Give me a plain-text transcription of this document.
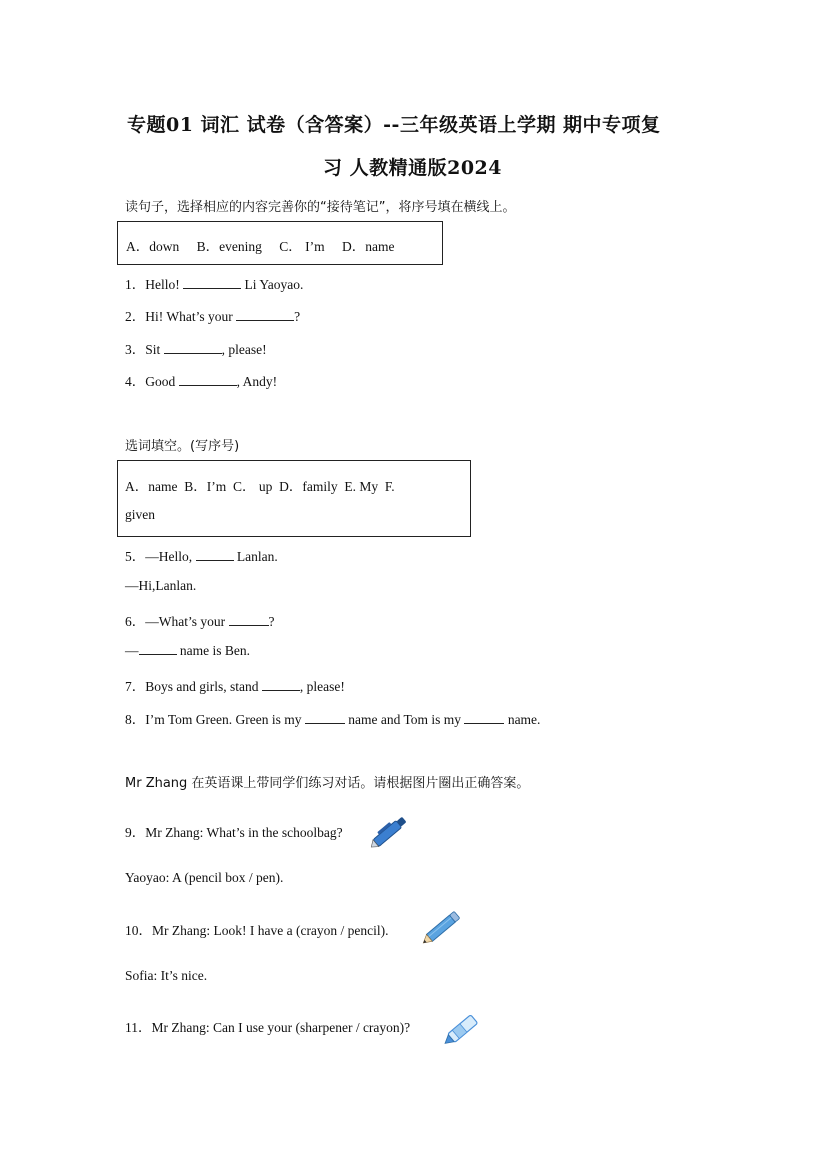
专题01 词汇 试卷（含答案）--三年级英语上学期 期中专项复
习 人教精通版2024
读句子，选择相应的内容完善你的“接待笔记”，将序号填在横线上。
A．down B．evening C． I’m D．name
1．Hello!	Li Yaoyao.
2．Hi! What’s your	?
3．Sit	, please!
4．Good	, Andy!
选词填空。(写序号)
A．name B．I’m C． up D．family E. My F.
given
5．—Hello,	Lanlan.
—Hi,Lanlan.
6．—What’s your	?
—	name is Ben.
7．Boys and girls, stand	, please!
8．I’m Tom Green. Green is my	name and Tom is my	name.
Mr Zhang 在英语课上带同学们练习对话。请根据图片圈出正确答案。
9．Mr Zhang: What’s in the schoolbag?
Yaoyao: A (pencil box / pen).
10．Mr Zhang: Look! I have a (crayon / pencil).
Sofia: It’s nice.
11．Mr Zhang: Can I use your (sharpener / crayon)?
